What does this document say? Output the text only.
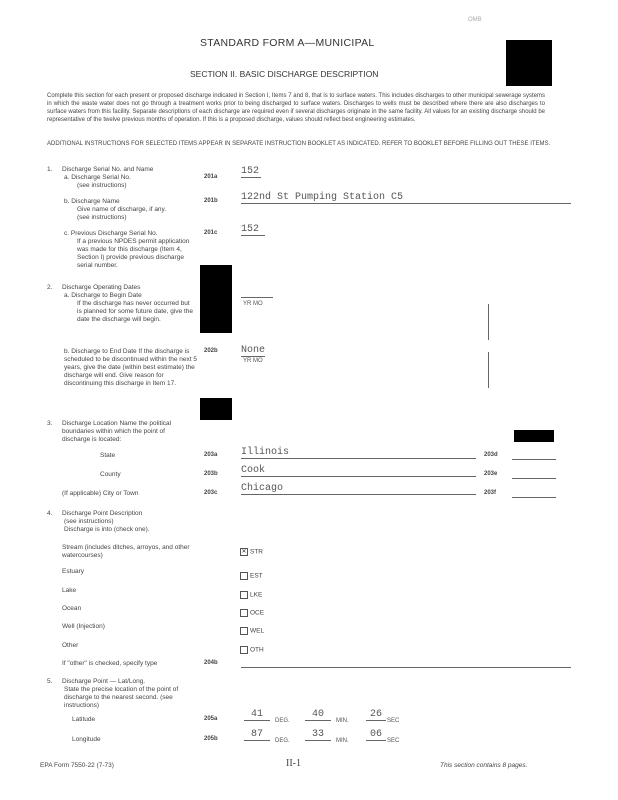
OMB
STANDARD FORM A—MUNICIPAL
SECTION II. BASIC DISCHARGE DESCRIPTION
Complete this section for each present or proposed discharge indicated in Section I, Items 7 and 8, that is to surface waters. This includes discharges to other municipal sewerage systems in which the waste water does not go through a treatment works prior to being discharged to surface waters. Discharges to wells must be described where there are also discharges to surface waters from this facility. Separate descriptions of each discharge are required even if several discharges originate in the same facility. All values for an existing discharge should be representative of the twelve previous months of operation. If this is a proposed discharge, values should reflect best engineering estimates.
ADDITIONAL INSTRUCTIONS FOR SELECTED ITEMS APPEAR IN SEPARATE INSTRUCTION BOOKLET AS INDICATED. REFER TO BOOKLET BEFORE FILLING OUT THESE ITEMS.
1. Discharge Serial No. and Name
a. Discharge Serial No.
(see instructions)
201a 152
b. Discharge Name
Give name of discharge, if any.
(see instructions)
201b 122nd St Pumping Station C5
c. Previous Discharge Serial No.
If a previous NPDES permit application was made for this discharge (Item 4, Section I) provide previous discharge serial number.
201c 152
2. Discharge Operating Dates
a. Discharge to Begin Date
If the discharge has never occurred but is planned for some future date, give the date the discharge will begin.
YR MO
b. Discharge to End Date If the discharge is scheduled to be discontinued within the next 5 years, give the date (within best estimate) the discharge will end. Give reason for discontinuing this discharge in Item 17.
202b None
YR MO
3. Discharge Location Name the political boundaries within which the point of discharge is located:
State	203a Illinois	203d
County	203b Cook	203e
(If applicable) City or Town	203c Chicago	203f
4. Discharge Point Description
(see instructions)
Discharge is into (check one).
Stream (includes ditches, arroyos, and other watercourses)
✕ STR
Estuary
EST
Lake
LKE
Ocean
OCE
Well (Injection)
WEL
Other
OTH
If "other" is checked, specify type	204b
5. Discharge Point — Lat/Long.
State the precise location of the point of discharge to the nearest second. (see instructions)
Latitude	205a	41
DEG.
40
MIN.
26
SEC
Longitude	205b	87
DEG.
33
MIN.
06
SEC
EPA Form 7550-22 (7-73)	II-1	This section contains 8 pages.
